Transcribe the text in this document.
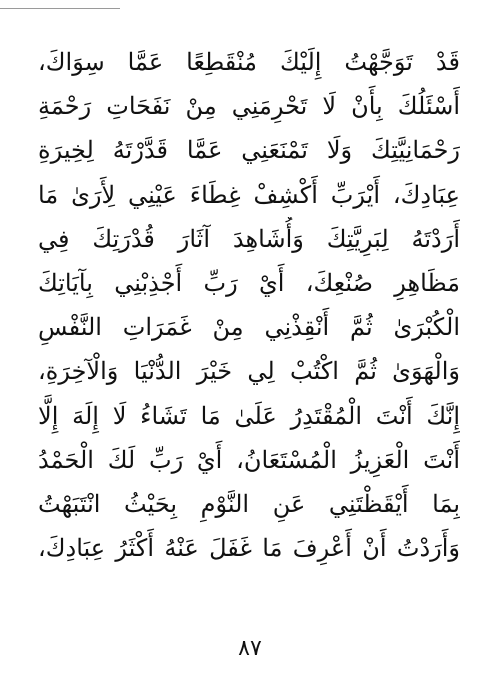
قَدْ تَوَجَّهْتُ إِلَيْكَ مُنْقَطِعًا عَمَّا سِوَاكَ،
أَسْئَلُكَ بِأَنْ لَا تَحْرِمَنِي مِنْ نَفَحَاتِ رَحْمَةِ
رَحْمَانِيَّتِكَ وَلَا تَمْنَعَنِي عَمَّا قَدَّرْتَهُ لِخِيرَةِ
عِبَادِكَ، أَيْرَبِّ أَكْشِفْ غِطَاءَ عَيْنِي لِأَرَىٰ مَا
أَرَدْتَهُ لِبَرِيَّتِكَ وَأُشَاهِدَ آثَارَ قُدْرَتِكَ فِي
مَظَاهِرِ صُنْعِكَ، أَيْ رَبِّ أَجْذِبْنِي بِآيَاتِكَ
الْكُبْرَىٰ ثُمَّ أَنْقِذْنِي مِنْ غَمَرَاتِ النَّفْسِ
وَالْهَوَىٰ ثُمَّ اكْتُبْ لِي خَيْرَ الدُّنْيَا وَالْآخِرَةِ،
إِنَّكَ أَنْتَ الْمُقْتَدِرُ عَلَىٰ مَا تَشَاءُ لَا إِلَهَ إِلَّا
أَنْتَ الْعَزِيزُ الْمُسْتَعَانُ، أَيْ رَبِّ لَكَ الْحَمْدُ
بِمَا أَيْقَظْتَنِي عَنِ النَّوْمِ بِحَيْثُ انْتَبَهْتُ
وَأَرَدْتُ أَنْ أَعْرِفَ مَا غَفَلَ عَنْهُ أَكْثَرُ عِبَادِكَ،
٨٧
